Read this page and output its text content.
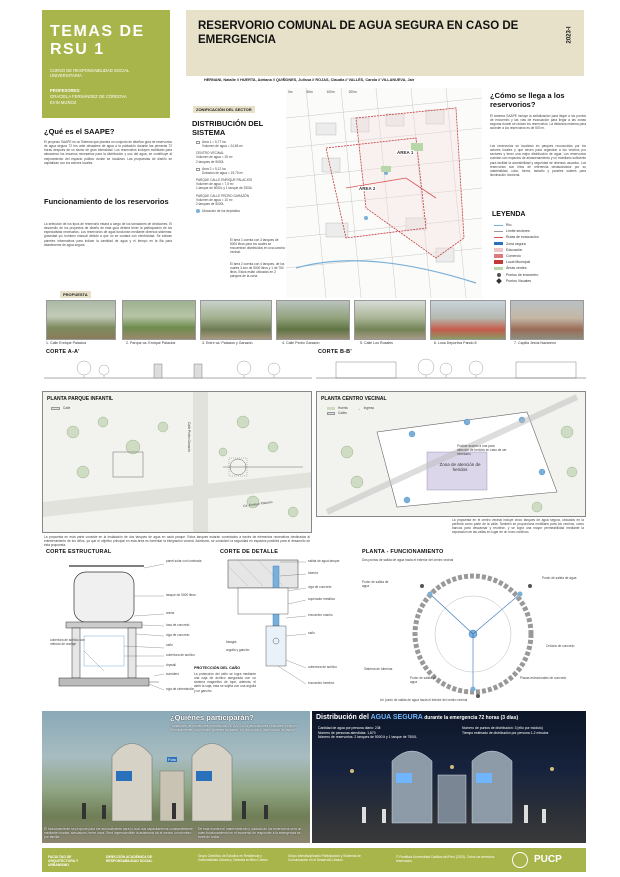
TEMAS DE RSU 1
CURSO DE RESPONSABILIDAD SOCIAL UNIVERSITARIA
PROFESORES:
GRACIELA FERNÁNDEZ DE CÓRDOVA
EVIN MUÑOZ
RESERVORIO COMUNAL DE AGUA SEGURA EN CASO DE EMERGENCIA	2023-I
HERNANI, Natalie // HUERTA, Adriana // QUIÑONES, Julissa // ROJAS, Claudia // VALLÉS, Carola // VILLANUEVA, Jair
¿Qué es el SAAPE?
El proyecto SAAPE es un Sistema que plantea un conjunto de diseños guía de reservorios de agua segura 72 hrs ante desastres de agua a la población durante las primeras 72 horas después de un sismo de gran intensidad. Los reservorios incluyen mobiliario para almacenar los insumos necesarios para la distribución y uso del agua, se contribuye al mejoramiento del espacio público donde se localizan. Las propuestas de diseño se capitalizan con los actores locales.
Funcionamiento de los reservorios
La selección de los tipos de reservorio estará a cargo de los tomadores de decisiones. El desarrollo de los proyectos de diseño de esta guía deberá tener la participación de los especialistas necesarios. Los reservorios de agua funcionan mediante diversos sistemas: gravedad y/o bombeo manual debido a que no se contará con electricidad. Se indican paneles informativos para indicar la cantidad de agua y el tiempo en la fila para abastecerse de agua segura.
ZONIFICACIÓN DEL SECTOR
DISTRIBUCIÓN DEL SISTEMA
Área 1 = 6,77 ha
Volumen de agua = 24,65 m³
CENTRO VECINAL
Volumen de agua = 25 m³
2 tanques de 5000L
Área 2 = 5,12 ha
Dotación de agua = 15,75 m³
PARQUE CALLE ENRIQUE PALACIOS
Volumen de agua = 7,5 m³
1 tanque de 5000L y 1 tanque de 2500L
PARQUE CALLE PEDRO GARAZÓN
Volumen de agua = 10 m³
2 tanques de 5000L
Ubicación de los depósitos
El área 1 cuenta con 3 tanques de 5000 litros para los cuales se encuentran distribuidos en una cancha vecinal.
El área 2 cuenta con 4 tanques, de los cuales 3 son de 5000 litros y 1 de 750 litros. Estos están ubicados en 2 parques de la zona.
ÁREA 1
ÁREA 2
0m	50m	100m	200m	¿Cómo se llega a los reservorios?
El sistema SAAPE incluye la señalización para llegar a los puntos de encuentro y las vías de evacuación para llegar a las zonas seguras donde se ubican los reservorios. La distancia máxima para acceder a los reservorios es de 500 m.
Los reservorios se localizan en parques reconocidos por los actores locales y que sirven para organizar a los vecinos por sectores y tener una mejor distribución de agua. Los reservorios cuentan con espacios de almacenamiento y un mobiliario suficiente para facilitar la accesibilidad y seguridad de diversos usuarios. Los reservorios son hitos de referencia destacándose por su materialidad, color, forma, tamaño y paneles solares para iluminación nocturna.
LEYENDA
Río
Límite sectores
Rutas de evacuación
Zona segura
Educación
Comercio
Local Municipal
Áreas verdes
Puntos de encuentro
Puntos Visuales
PROPUESTA
1. Calle Enrique Palacios	2. Parque ca. Enrique Palacios	3. Entre ca. Palacios y Garazón	4. Calle Pedro Garazón	5. Calle Los Rosales	6. Losa Deportiva Pando 8	7. Capilla Jesús Nazareno
CORTE A-A'	CORTE B-B'
PLANTA PARQUE INFANTIL
Calle
Calle Pedro Garazón
Ca. Enrique Palacios
La propuesta en esta parte consiste en la instalación de dos tanques de agua en cada parque. Estos tanques estarán conectados a través de elementos recreativos destinados al entretenimiento de los niños, ya que el objetivo principal en esta área es fomentar la integración vecinal. Asimismo, se consideró la seguridad en espacios posibles para el desarrollo de esta propuesta.
PLANTA CENTRO VECINAL
Huerta → Ingreso
Calles
Zona de atención de heridos
Posible acceso a una para atención de heridos en caso de ser necesario
La propuesta en el centro vecinal incluye cinco tanques de agua segura, ubicados en la periferia como parte de la valla. También se proporciona mobiliario para los vecinos, como bancos para descansar y reunirse, y se logra una mayor permeabilidad mediante la separación de las vallas en lugar de un muro continuo.
CORTE ESTRUCTURAL
panel solar con luminaria
tanque de 5000 litros
arena
losa de concreto
viga de concreto
caño
cobertura de acrílico
drywall
cobertura de acrílico con método de anclaje
sumidero
viga de cimentación
CORTE DE DETALLE
salida de agua tanque
tubería
viga de concreto
superador metálico
encuentro macho
caño
cobertura de acrílico
encuentro hembra
bisagra
argolla y gancho
PROTECCIÓN DEL CAÑO
La protección del caño se logra mediante una caja de acrílico asegurada con un sistema magnético de tope, además, el alerti la caja, esta se sujeta con una argolla y un gancho.
PLANTA - FUNCIONAMIENTO
Dos puntos de salida de agua hacia el exterior del centro vecinal
Punto de salida de agua
Punto de salida de agua
Celosía de concreto
Sistema de tuberías
Punto de salida de agua
Placas estructurales de concreto
Un punto de salida de agua hacia el interior del centro vecinal
Foto
¿Quiénes participarán?
Tomadores de decisiones: municipios, SEDAPAL, organizaciones vecinales, vecinos. Principalmente los jóvenes, quienes ayudarán en la función y distribución del agua.
El funcionamiento se propone para ser autosuficiente para lo cual nos capacitaremos constantemente mediante charlas, simulacros, entre otros. Será imprescindible la asistencia de al menos un miembro por familia.
De esta manera el mantenimiento y cuidado de los reservorios será un buen funcionamiento en el momento de responder a la emergencia se tarea de todos.
Distribución del AGUA SEGURA durante la emergencia 72 horas (3 días)
Cantidad de agua por persona diario: 23lt
Número de personas atendidas: 1,870
Número de reservorios: 2 tanques de 5000 lt y 1 tanque de 7500L
Número de puntos de distribución: 3 (ello por módulo)
Tiempo estimado de distribución por persona 1-2 minutos
FACULTAD DE ARQUITECTURA Y URBANISMO
DIRECCIÓN ACADÉMICA DE RESPONSABILIDAD SOCIAL
Grupo Científico de Estudios en Resiliencia y Vulnerabilidad Urbana y Vivienda en Bien Común
Grupo Interdisciplinario Participación y Sistemas de Comunicación en el Desarrollo Urbano
© Pontificia Universidad Católica del Perú (2023). Todos los derechos reservados.	PUCP
